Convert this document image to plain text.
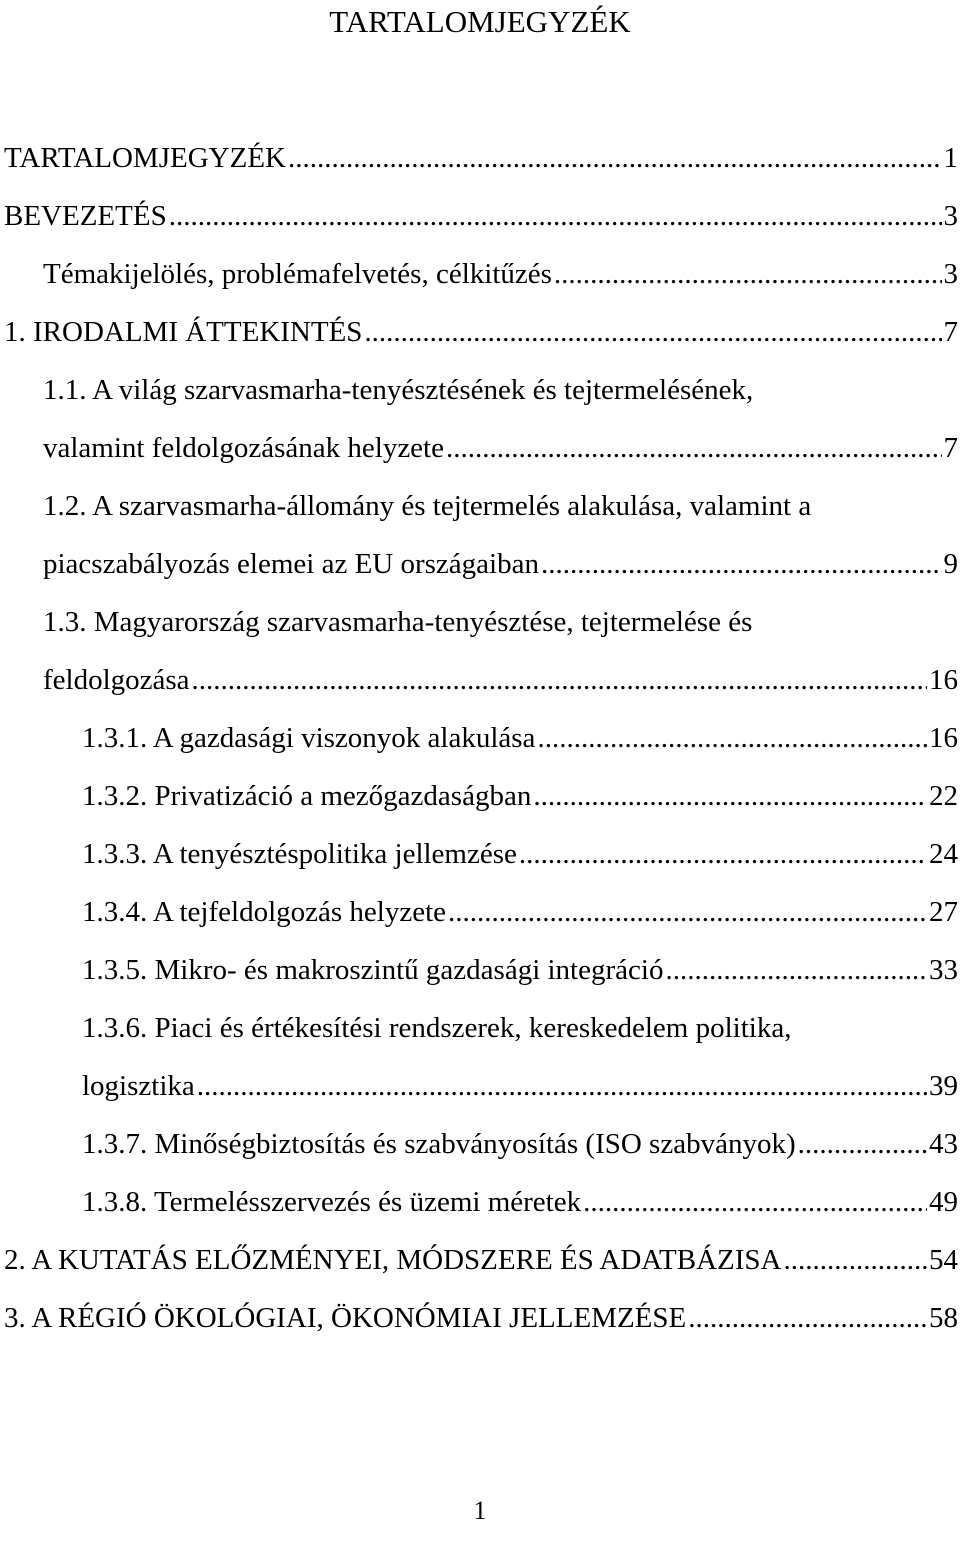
TARTALOMJEGYZÉK
TARTALOMJEGYZÉK .....	1
BEVEZETÉS .....	3
Témakijelölés, problémafelvetés, célkitűzés .....	3
1. IRODALMI ÁTTEKINTÉS .....	7
1.1. A világ szarvasmarha-tenyésztésének és tejtermelésének,
valamint feldolgozásának helyzete .....	7
1.2. A szarvasmarha-állomány és tejtermelés alakulása, valamint a
piacszabályozás elemei az EU országaiban .....	9
1.3. Magyarország szarvasmarha-tenyésztése, tejtermelése és
feldolgozása .....	16
1.3.1. A gazdasági viszonyok alakulása .....	16
1.3.2. Privatizáció a mezőgazdaságban .....	22
1.3.3. A tenyésztéspolitika jellemzése .....	24
1.3.4. A tejfeldolgozás helyzete .....	27
1.3.5. Mikro- és makroszintű gazdasági integráció .....	33
1.3.6. Piaci és értékesítési rendszerek, kereskedelem politika,
logisztika .....	39
1.3.7. Minőségbiztosítás és szabványosítás (ISO szabványok) .....	43
1.3.8. Termelésszervezés és üzemi méretek .....	49
2. A KUTATÁS ELŐZMÉNYEI, MÓDSZERE ÉS ADATBÁZISA .....	54
3. A RÉGIÓ ÖKOLÓGIAI, ÖKONÓMIAI JELLEMZÉSE .....	58
1
